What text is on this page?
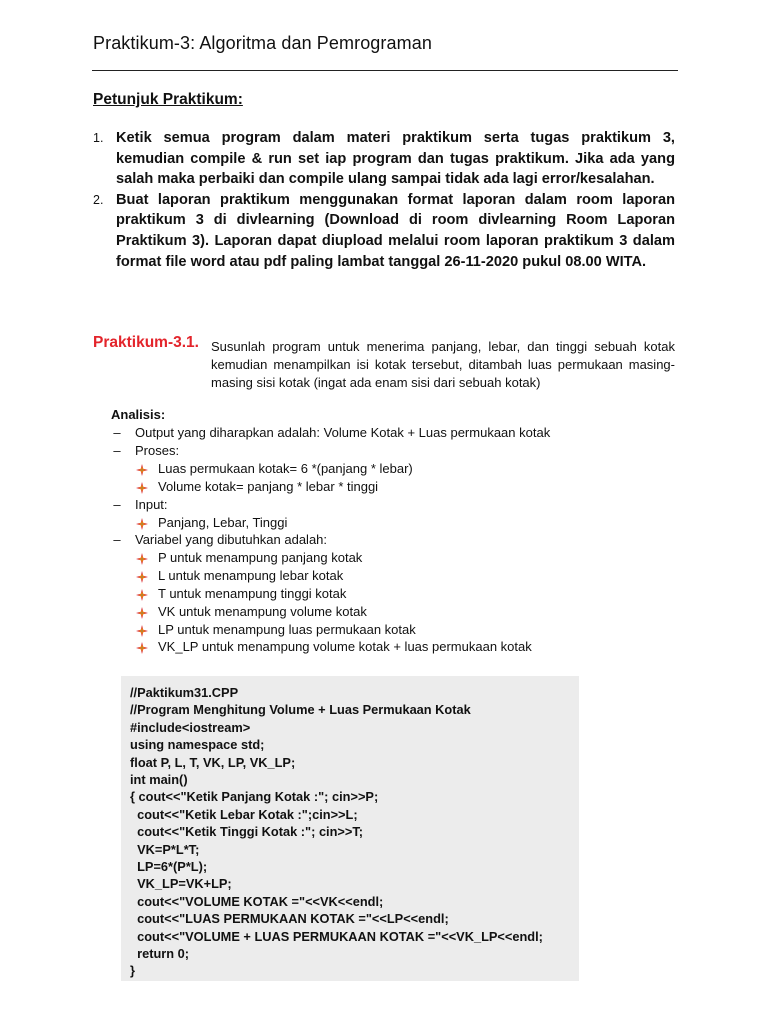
Praktikum-3: Algoritma dan Pemrograman
Petunjuk Praktikum:
1. Ketik semua program dalam materi praktikum serta tugas praktikum 3, kemudian compile & run set iap program dan tugas praktikum. Jika ada yang salah maka perbaiki dan compile ulang sampai tidak ada lagi error/kesalahan.
2. Buat laporan praktikum menggunakan format laporan dalam room laporan praktikum 3 di divlearning (Download di room divlearning Room Laporan Praktikum 3). Laporan dapat diupload melalui room laporan praktikum 3 dalam format file word atau pdf paling lambat tanggal 26-11-2020 pukul 08.00 WITA.
Praktikum-3.1. Susunlah program untuk menerima panjang, lebar, dan tinggi sebuah kotak kemudian menampilkan isi kotak tersebut, ditambah luas permukaan masing-masing sisi kotak (ingat ada enam sisi dari sebuah kotak)
Analisis:
– Output yang diharapkan adalah: Volume Kotak + Luas permukaan kotak
– Proses:
Luas permukaan kotak= 6 *(panjang * lebar)
Volume kotak= panjang * lebar * tinggi
– Input:
Panjang, Lebar, Tinggi
– Variabel yang dibutuhkan adalah:
P untuk menampung panjang kotak
L untuk menampung lebar kotak
T untuk menampung tinggi kotak
VK untuk menampung volume kotak
LP untuk menampung luas permukaan kotak
VK_LP untuk menampung volume kotak + luas permukaan kotak
//Paktikum31.CPP
//Program Menghitung Volume + Luas Permukaan Kotak
#include<iostream>
using namespace std;
float P, L, T, VK, LP, VK_LP;
int main()
{ cout<<"Ketik Panjang Kotak :"; cin>>P;
cout<<"Ketik Lebar Kotak :";cin>>L;
cout<<"Ketik Tinggi Kotak :"; cin>>T;
VK=P*L*T;
LP=6*(P*L);
VK_LP=VK+LP;
cout<<"VOLUME KOTAK ="<<VK<<endl;
cout<<"LUAS PERMUKAAN KOTAK ="<<LP<<endl;
cout<<"VOLUME + LUAS PERMUKAAN KOTAK ="<<VK_LP<<endl;
return 0;
}
